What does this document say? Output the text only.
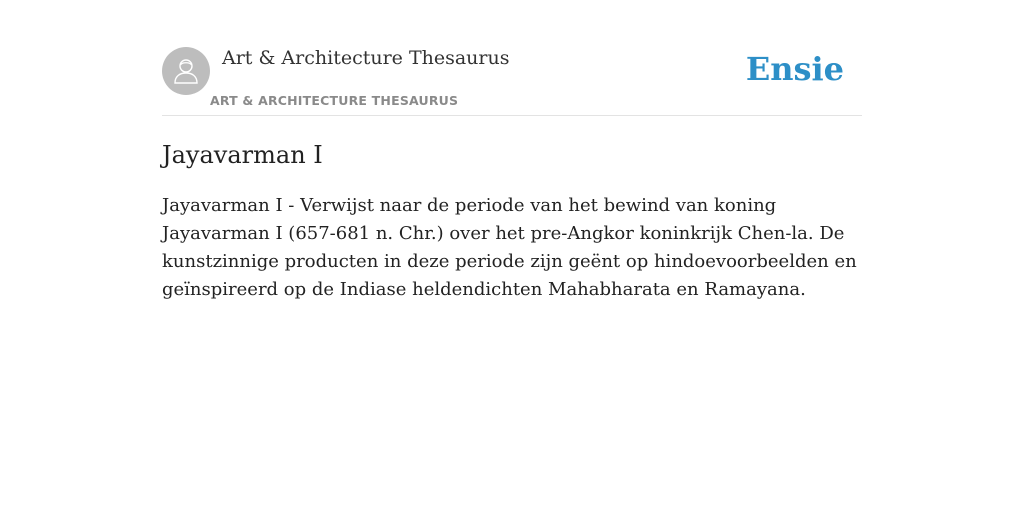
Art & Architecture Thesaurus
ART & ARCHITECTURE THESAURUS
Ensie
Jayavarman I

Jayavarman I - Verwijst naar de periode van het bewind van koning Jayavarman I (657-681 n. Chr.) over het pre-Angkor koninkrijk Chen-la. De kunstzinnige producten in deze periode zijn geënt op hindoevoorbeelden en geïnspireerd op de Indiase heldendichten Mahabharata en Ramayana.
